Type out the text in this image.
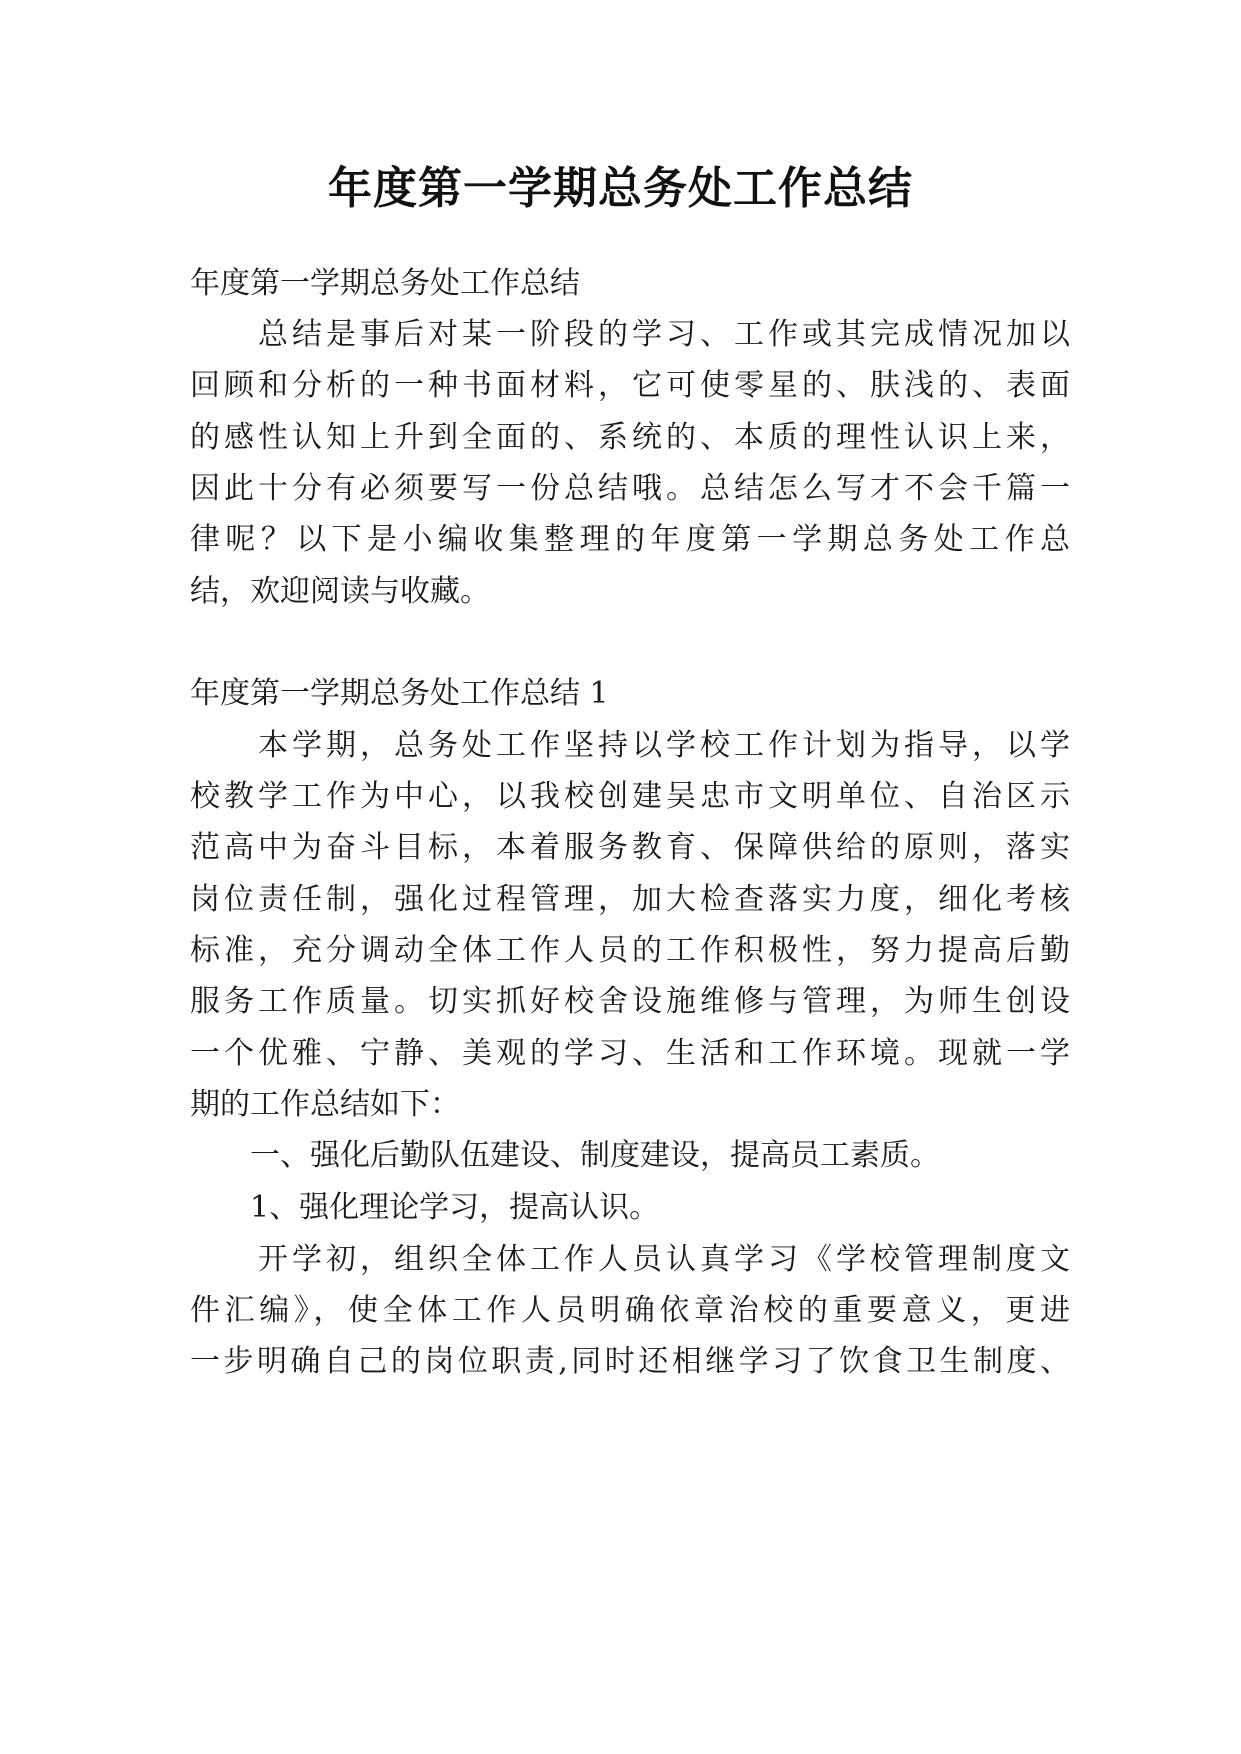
年度第一学期总务处工作总结

年度第一学期总务处工作总结

　　总结是事后对某一阶段的学习、工作或其完成情况加以

回顾和分析的一种书面材料，它可使零星的、肤浅的、表面

的感性认知上升到全面的、系统的、本质的理性认识上来，

因此十分有必须要写一份总结哦。总结怎么写才不会千篇一

律呢？以下是小编收集整理的年度第一学期总务处工作总

结，欢迎阅读与收藏。

年度第一学期总务处工作总结 1

　　本学期，总务处工作坚持以学校工作计划为指导，以学

校教学工作为中心，以我校创建吴忠市文明单位、自治区示

范高中为奋斗目标，本着服务教育、保障供给的原则，落实

岗位责任制，强化过程管理，加大检查落实力度，细化考核

标准，充分调动全体工作人员的工作积极性，努力提高后勤

服务工作质量。切实抓好校舍设施维修与管理，为师生创设

一个优雅、宁静、美观的学习、生活和工作环境。现就一学

期的工作总结如下：

　　一、强化后勤队伍建设、制度建设，提高员工素质。

　　1、强化理论学习，提高认识。

　　开学初，组织全体工作人员认真学习《学校管理制度文

件汇编》，使全体工作人员明确依章治校的重要意义，更进

一步明确自己的岗位职责,同时还相继学习了饮食卫生制度、
